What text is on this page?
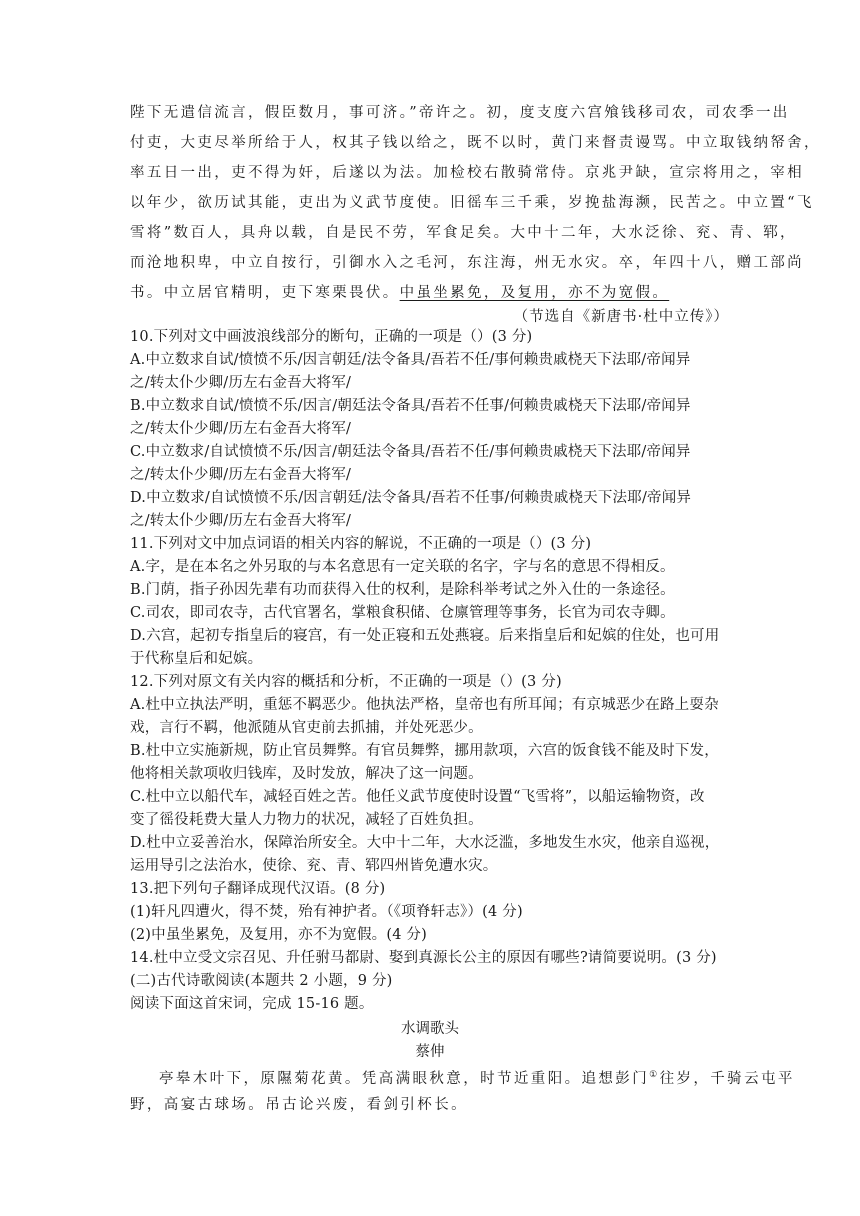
陛下无遣信流言，假臣数月，事可济。”帝许之。初，度支度六宫飧钱移司农，司农季一出
付吏，大吏尽举所给于人，权其子钱以给之，既不以时，黄门来督责谩骂。中立取钱纳帑舍，
率五日一出，吏不得为奸，后遂以为法。加检校右散骑常侍。京兆尹缺，宣宗将用之，宰相
以年少，欲历试其能，吏出为义武节度使。旧徭车三千乘，岁挽盐海濒，民苦之。中立置“飞
雪将”数百人，具舟以载，自是民不劳，军食足矣。大中十二年，大水泛徐、兖、青、郓，
而沧地积卑，中立自按行，引御水入之毛河，东注海，州无水灾。卒，年四十八，赠工部尚
书。中立居官精明，吏下寒栗畏伏。中虽坐累免，及复用，亦不为宽假。
（节选自《新唐书·杜中立传》）
10.下列对文中画波浪线部分的断句，正确的一项是（）(3 分)
A.中立数求自试/愤愤不乐/因言朝廷/法令备具/吾若不任/事何赖贵戚桡天下法耶/帝闻异
之/转太仆少卿/历左右金吾大将军/
B.中立数求自试/愤愤不乐/因言/朝廷法令备具/吾若不任事/何赖贵戚桡天下法耶/帝闻异
之/转太仆少卿/历左右金吾大将军/
C.中立数求/自试愤愤不乐/因言/朝廷法令备具/吾若不任/事何赖贵戚桡天下法耶/帝闻异
之/转太仆少卿/历左右金吾大将军/
D.中立数求/自试愤愤不乐/因言朝廷/法令备具/吾若不任事/何赖贵戚桡天下法耶/帝闻异
之/转太仆少卿/历左右金吾大将军/
11.下列对文中加点词语的相关内容的解说，不正确的一项是（）(3 分)
A.字，是在本名之外另取的与本名意思有一定关联的名字，字与名的意思不得相反。
B.门荫，指子孙因先辈有功而获得入仕的权利，是除科举考试之外入仕的一条途径。
C.司农，即司农寺，古代官署名，掌粮食积储、仓廪管理等事务，长官为司农寺卿。
D.六宫，起初专指皇后的寝宫，有一处正寝和五处燕寝。后来指皇后和妃嫔的住处，也可用
于代称皇后和妃嫔。
12.下列对原文有关内容的概括和分析，不正确的一项是（）(3 分)
A.杜中立执法严明，重惩不羁恶少。他执法严格，皇帝也有所耳闻；有京城恶少在路上耍杂
戏，言行不羁，他派随从官吏前去抓捕，并处死恶少。
B.杜中立实施新规，防止官员舞弊。有官员舞弊，挪用款项，六宫的饭食钱不能及时下发，
他将相关款项收归钱库，及时发放，解决了这一问题。
C.杜中立以船代车，减轻百姓之苦。他任义武节度使时设置“飞雪将”，以船运输物资，改
变了徭役耗费大量人力物力的状况，减轻了百姓负担。
D.杜中立妥善治水，保障治所安全。大中十二年，大水泛滥，多地发生水灾，他亲自巡视，
运用导引之法治水，使徐、兖、青、郓四州皆免遭水灾。
13.把下列句子翻译成现代汉语。(8 分)
(1)轩凡四遭火，得不焚，殆有神护者。（《项脊轩志》）(4 分)
(2)中虽坐累免，及复用，亦不为宽假。(4 分)
14.杜中立受文宗召见、升任驸马都尉、娶到真源长公主的原因有哪些?请简要说明。(3 分)
(二)古代诗歌阅读(本题共 2 小题，9 分)
阅读下面这首宋词，完成 15-16 题。
水调歌头
蔡伸
亭皋木叶下，原隰菊花黄。凭高满眼秋意，时节近重阳。追想彭门①往岁，千骑云屯平
野，高宴古球场。吊古论兴废，看剑引杯长。
